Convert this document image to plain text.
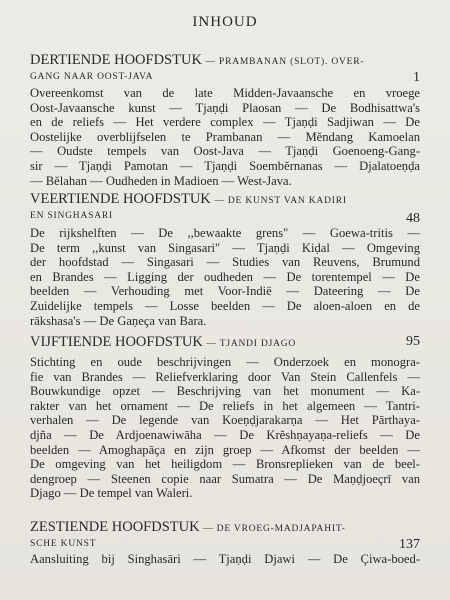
INHOUD
DERTIENDE HOOFDSTUK — PRAMBANAN (SLOT). OVER-
GANG NAAR OOST-JAVA	1
Overeenkomst van de late Midden-Javaansche en vroege
Oost-Javaansche kunst — Tjaṇḍi Plaosan — De Bodhisattwa's
en de reliefs — Het verdere complex — Tjaṇḍi Sadjiwan — De
Oostelijke overblijfselen te Prambanan — Mĕndang Kamoelan
— Oudste tempels van Oost-Java — Tjaṇḍi Goenoeng-Gang-
sir — Tjaṇḍi Pamotan — Tjaṇḍi Soembĕrnanas — Djalatoeṇḍa
— Bĕlahan — Oudheden in Madioen — West-Java.
VEERTIENDE HOOFDSTUK — DE KUNST VAN KADIRI
EN SINGHASARI	48
De rijkshelften — De ,,bewaakte grens" — Goewa-tritis —
De term ,,kunst van Singasari" — Tjaṇḍi Kiḍal — Omgeving
der hoofdstad — Singasari — Studies van Reuvens, Brumund
en Brandes — Ligging der oudheden — De torentempel — De
beelden — Verhouding met Voor-Indië — Dateering — De
Zuidelijke tempels — Losse beelden — De aloen-aloen en de
rākshasa's — De Gaṇeça van Bara.
VIJFTIENDE HOOFDSTUK — TJANDI DJAGO	95
Stichting en oude beschrijvingen — Onderzoek en monogra-
fie van Brandes — Reliefverklaring door Van Stein Callenfels —
Bouwkundige opzet — Beschrijving van het monument — Ka-
rakter van het ornament — De reliefs in het algemeen — Tantri-
verhalen — De legende van Koeṇḍjarakarṇa — Het Pārthaya-
djña — De Ardjoenawiwāha — De Krĕshṇayaṇa-reliefs — De
beelden — Amoghapāça en zijn groep — Afkomst der beelden —
De omgeving van het heiligdom — Bronsreplieken van de beel-
dengroep — Steenen copie naar Sumatra — De Maṇḍjoeçrī van
Djago — De tempel van Waleri.
ZESTIENDE HOOFDSTUK — DE VROEG-MADJAPAHIT-
SCHE KUNST	137
Aansluiting bij Singhasāri — Tjaṇḍi Djawi — De Çiwa-boed-
